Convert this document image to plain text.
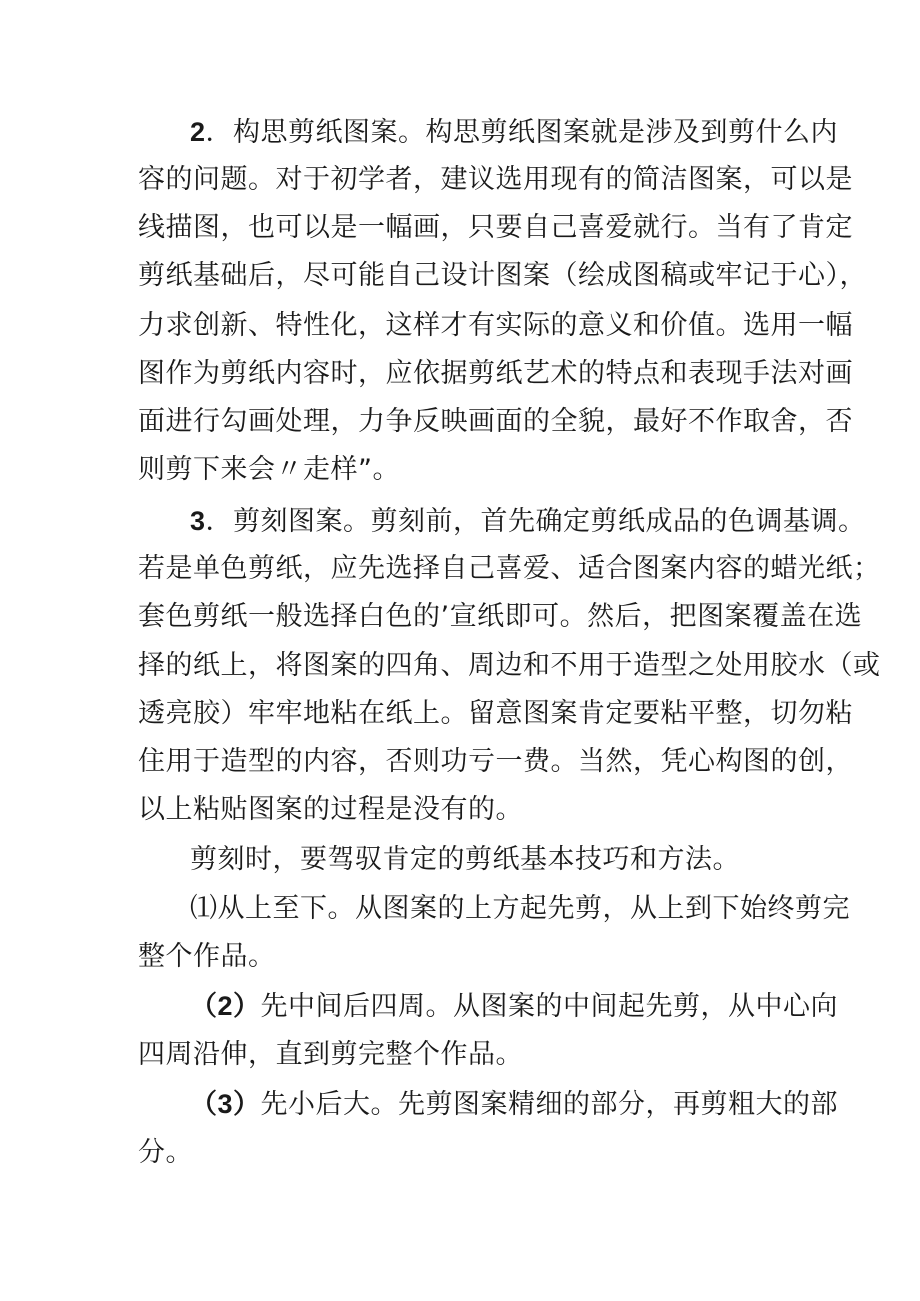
2．构思剪纸图案。构思剪纸图案就是涉及到剪什么内
容的问题。对于初学者，建议选用现有的简洁图案，可以是
线描图，也可以是一幅画，只要自己喜爱就行。当有了肯定
剪纸基础后，尽可能自己设计图案（绘成图稿或牢记于心），
力求创新、特性化，这样才有实际的意义和价值。选用一幅
图作为剪纸内容时，应依据剪纸艺术的特点和表现手法对画
面进行勾画处理，力争反映画面的全貌，最好不作取舍，否
则剪下来会〃走样”。
3．剪刻图案。剪刻前，首先确定剪纸成品的色调基调。
若是单色剪纸，应先选择自己喜爱、适合图案内容的蜡光纸；
套色剪纸一般选择白色的’宣纸即可。然后，把图案覆盖在选
择的纸上，将图案的四角、周边和不用于造型之处用胶水（或
透亮胶）牢牢地粘在纸上。留意图案肯定要粘平整，切勿粘
住用于造型的内容，否则功亏一费。当然，凭心构图的创，
以上粘贴图案的过程是没有的。
剪刻时，要驾驭肯定的剪纸基本技巧和方法。
⑴从上至下。从图案的上方起先剪，从上到下始终剪完
整个作品。
（2）先中间后四周。从图案的中间起先剪，从中心向
四周沿伸，直到剪完整个作品。
（3）先小后大。先剪图案精细的部分，再剪粗大的部
分。
